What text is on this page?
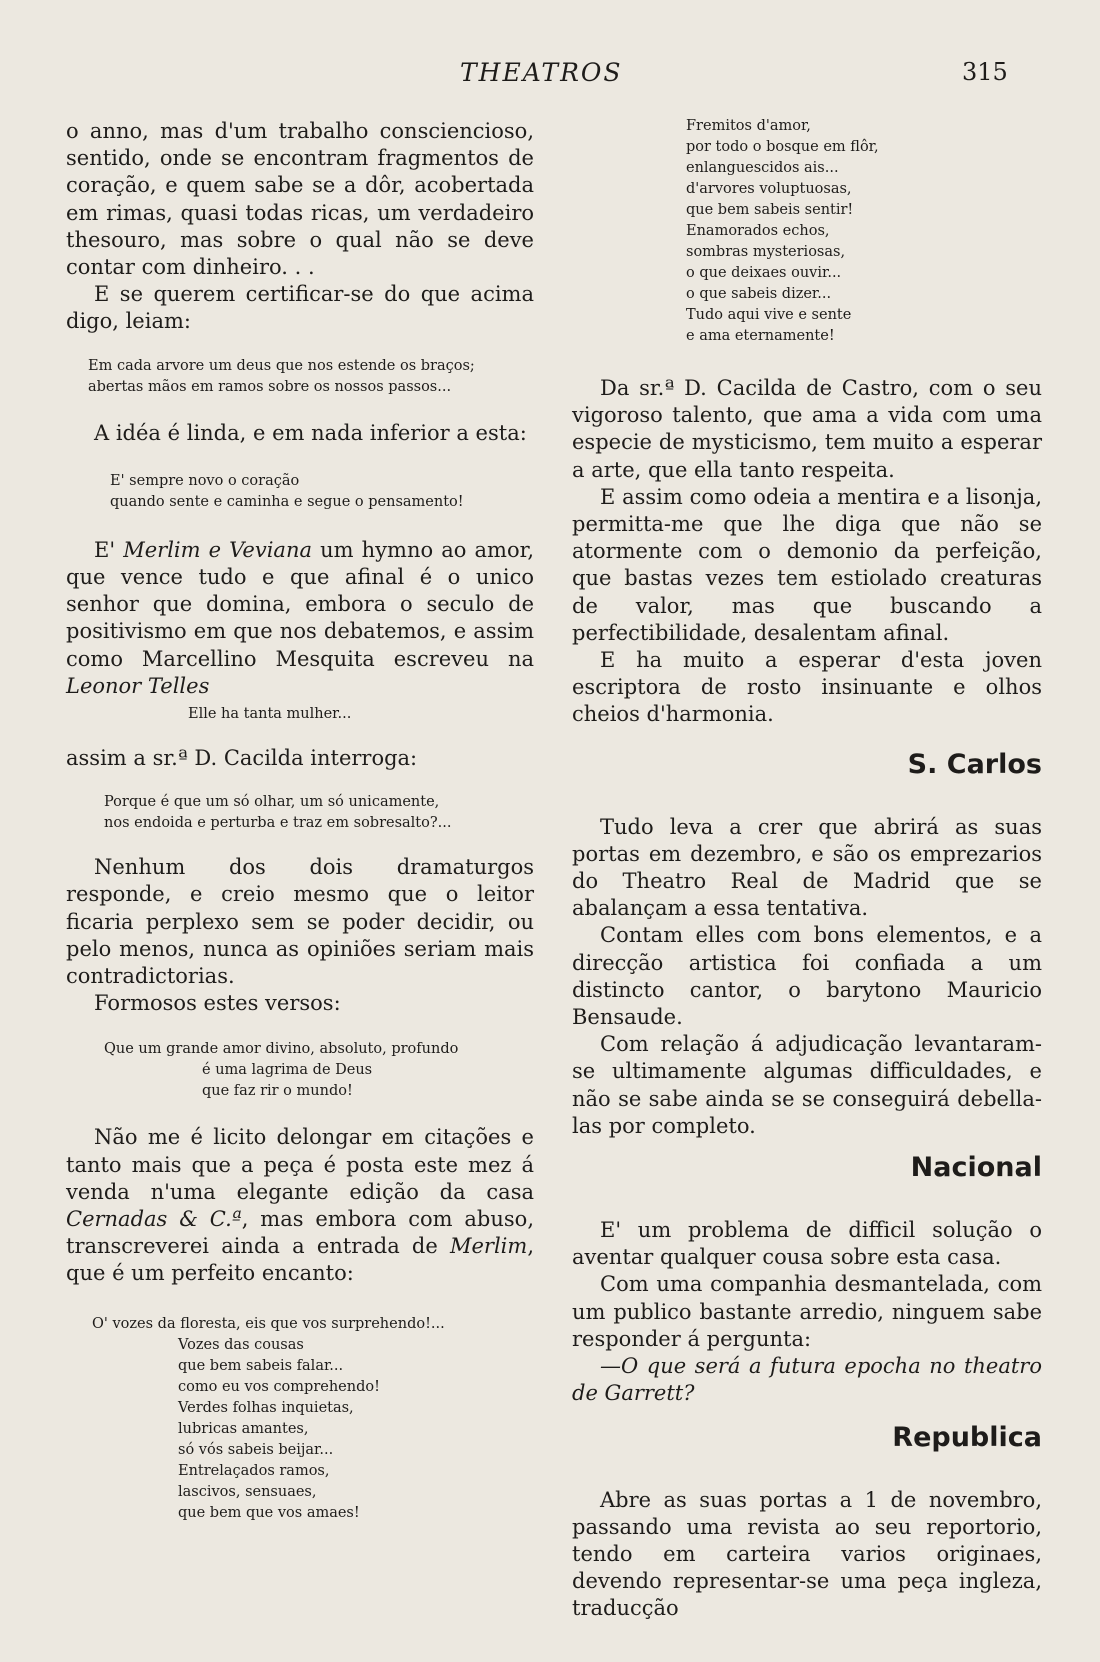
THEATROS	315

o anno, mas d'um trabalho consciencioso, sentido, onde se encontram fragmentos de coração, e quem sabe se a dôr, acobertada em rimas, quasi todas ricas, um verdadeiro thesouro, mas sobre o qual não se deve contar com dinheiro. . .

E se querem certificar-se do que acima digo, leiam:

Em cada arvore um deus que nos estende os braços;
abertas mãos em ramos sobre os nossos passos...

A idéa é linda, e em nada inferior a esta:

E' sempre novo o coração
quando sente e caminha e segue o pensamento!

E' Merlim e Veviana um hymno ao amor, que vence tudo e que afinal é o unico senhor que domina, embora o seculo de positivismo em que nos debatemos, e assim como Marcellino Mesquita escreveu na Leonor Telles

Elle ha tanta mulher...

assim a sr.ª D. Cacilda interroga:

Porque é que um só olhar, um só unicamente,
nos endoida e perturba e traz em sobresalto?...

Nenhum dos dois dramaturgos responde, e creio mesmo que o leitor ficaria perplexo sem se poder decidir, ou pelo menos, nunca as opiniões seriam mais contradictorias.

Formosos estes versos:

Que um grande amor divino, absoluto, profundo
é uma lagrima de Deus
que faz rir o mundo!

Não me é licito delongar em citações e tanto mais que a peça é posta este mez á venda n'uma elegante edição da casa Cernadas & C.ª, mas embora com abuso, transcreverei ainda a entrada de Merlim, que é um perfeito encanto:

O' vozes da floresta, eis que vos surprehendo!...
Vozes das cousas
que bem sabeis falar...
como eu vos comprehendo!
Verdes folhas inquietas,
lubricas amantes,
só vós sabeis beijar...
Entrelaçados ramos,
lascivos, sensuaes,
que bem que vos amaes!
Fremitos d'amor,
por todo o bosque em flôr,
enlanguescidos ais...
d'arvores voluptuosas,
que bem sabeis sentir!
Enamorados echos,
sombras mysteriosas,
o que deixaes ouvir...
o que sabeis dizer...
Tudo aqui vive e sente
e ama eternamente!

Da sr.ª D. Cacilda de Castro, com o seu vigoroso talento, que ama a vida com uma especie de mysticismo, tem muito a esperar a arte, que ella tanto respeita.

E assim como odeia a mentira e a lisonja, permitta-me que lhe diga que não se atormente com o demonio da perfeição, que bastas vezes tem estiolado creaturas de valor, mas que buscando a perfectibilidade, desalentam afinal.

E ha muito a esperar d'esta joven escriptora de rosto insinuante e olhos cheios d'harmonia.

S. Carlos

Tudo leva a crer que abrirá as suas portas em dezembro, e são os emprezarios do Theatro Real de Madrid que se abalançam a essa tentativa.

Contam elles com bons elementos, e a direcção artistica foi confiada a um distincto cantor, o barytono Mauricio Bensaude.

Com relação á adjudicação levantaram-se ultimamente algumas difficuldades, e não se sabe ainda se se conseguirá debella-las por completo.

Nacional

E' um problema de difficil solução o aventar qualquer cousa sobre esta casa.

Com uma companhia desmantelada, com um publico bastante arredio, ninguem sabe responder á pergunta:

—O que será a futura epocha no theatro de Garrett?

Republica

Abre as suas portas a 1 de novembro, passando uma revista ao seu reportorio, tendo em carteira varios originaes, devendo representar-se uma peça ingleza, traducção
